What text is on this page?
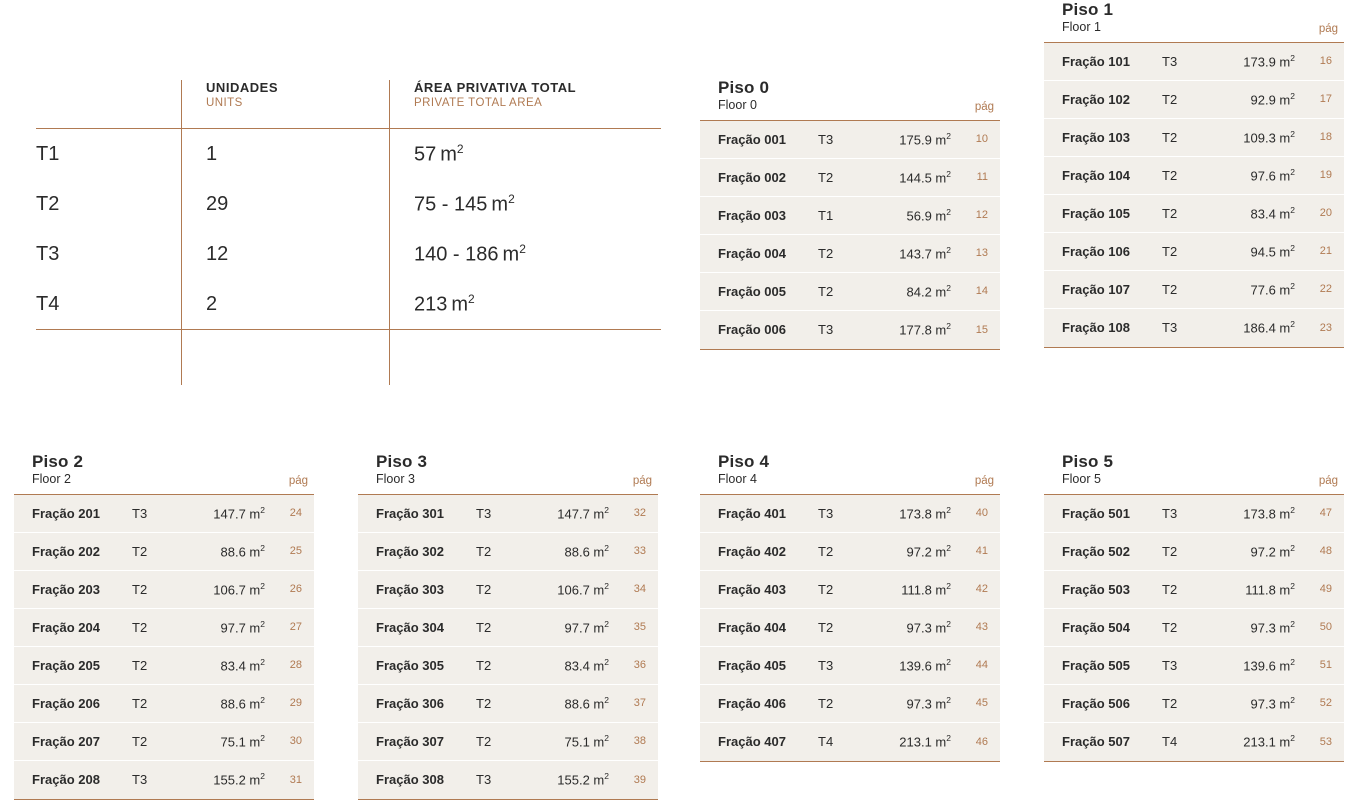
UNIDADES
UNITS
ÁREA PRIVATIVA TOTAL
PRIVATE TOTAL AREA
T1	1	57 $m^2$
T2	29	75 - 145 $m^2$
T3	12	140 - 186 $m^2$
T4	2	213 $m^2$
Piso 0
Floor 0	pág
Fração 001	T3	175.9 $m^2$	10
Fração 002	T2	144.5 $m^2$	11
Fração 003	T1	56.9 $m^2$	12
Fração 004	T2	143.7 $m^2$	13
Fração 005	T2	84.2 $m^2$	14
Fração 006	T3	177.8 $m^2$	15
Piso 1
Floor 1	pág
Fração 101	T3	173.9 $m^2$	16
Fração 102	T2	92.9 $m^2$	17
Fração 103	T2	109.3 $m^2$	18
Fração 104	T2	97.6 $m^2$	19
Fração 105	T2	83.4 $m^2$	20
Fração 106	T2	94.5 $m^2$	21
Fração 107	T2	77.6 $m^2$	22
Fração 108	T3	186.4 $m^2$	23
Piso 2
Floor 2	pág
Fração 201	T3	147.7 $m^2$	24
Fração 202	T2	88.6 $m^2$	25
Fração 203	T2	106.7 $m^2$	26
Fração 204	T2	97.7 $m^2$	27
Fração 205	T2	83.4 $m^2$	28
Fração 206	T2	88.6 $m^2$	29
Fração 207	T2	75.1 $m^2$	30
Fração 208	T3	155.2 $m^2$	31
Piso 3
Floor 3	pág
Fração 301	T3	147.7 $m^2$	32
Fração 302	T2	88.6 $m^2$	33
Fração 303	T2	106.7 $m^2$	34
Fração 304	T2	97.7 $m^2$	35
Fração 305	T2	83.4 $m^2$	36
Fração 306	T2	88.6 $m^2$	37
Fração 307	T2	75.1 $m^2$	38
Fração 308	T3	155.2 $m^2$	39
Piso 4
Floor 4	pág
Fração 401	T3	173.8 $m^2$	40
Fração 402	T2	97.2 $m^2$	41
Fração 403	T2	111.8 $m^2$	42
Fração 404	T2	97.3 $m^2$	43
Fração 405	T3	139.6 $m^2$	44
Fração 406	T2	97.3 $m^2$	45
Fração 407	T4	213.1 $m^2$	46
Piso 5
Floor 5	pág
Fração 501	T3	173.8 $m^2$	47
Fração 502	T2	97.2 $m^2$	48
Fração 503	T2	111.8 $m^2$	49
Fração 504	T2	97.3 $m^2$	50
Fração 505	T3	139.6 $m^2$	51
Fração 506	T2	97.3 $m^2$	52
Fração 507	T4	213.1 $m^2$	53
